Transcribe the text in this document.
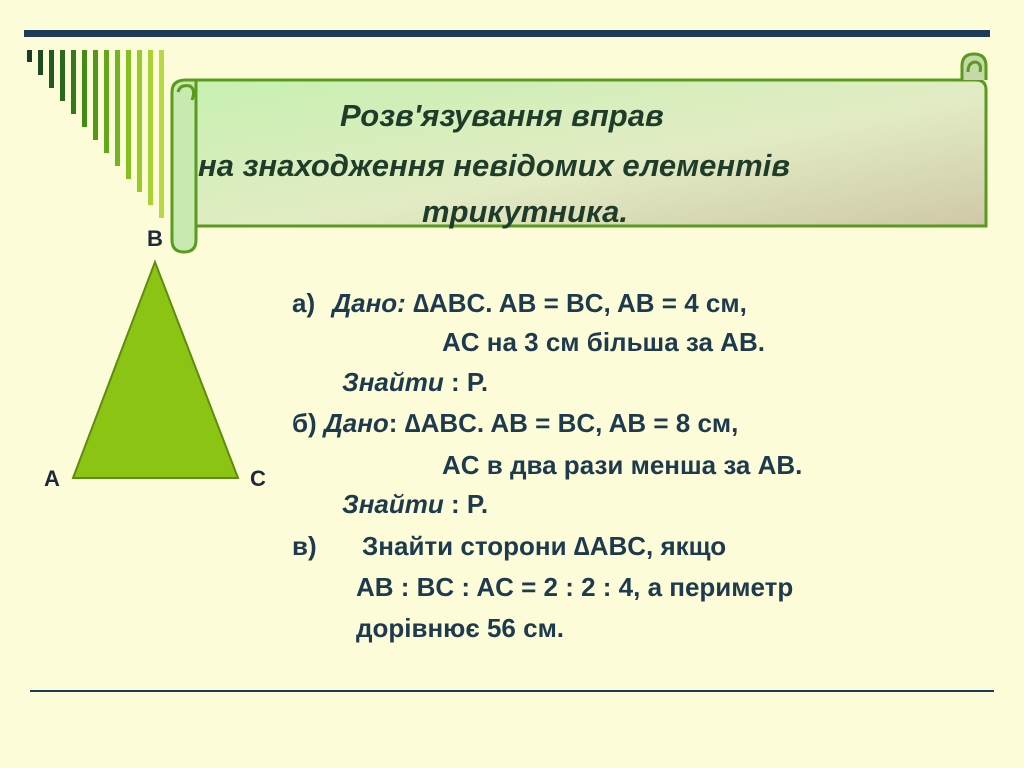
Розв'язування вправ
на знаходження невідомих елементів
трикутника.
B
A	C
а) Дано: ∆ABC. AB = BC, AB = 4 см,
AC на 3 см більша за AB.
Знайти : P.
б) Дано: ∆ABC. AB = BC, AB = 8 см,
AC в два рази менша за AB.
Знайти : P.
в) Знайти сторони ∆ABC, якщо
AB : BC : AC = 2 : 2 : 4, а периметр
дорівнює 56 см.
